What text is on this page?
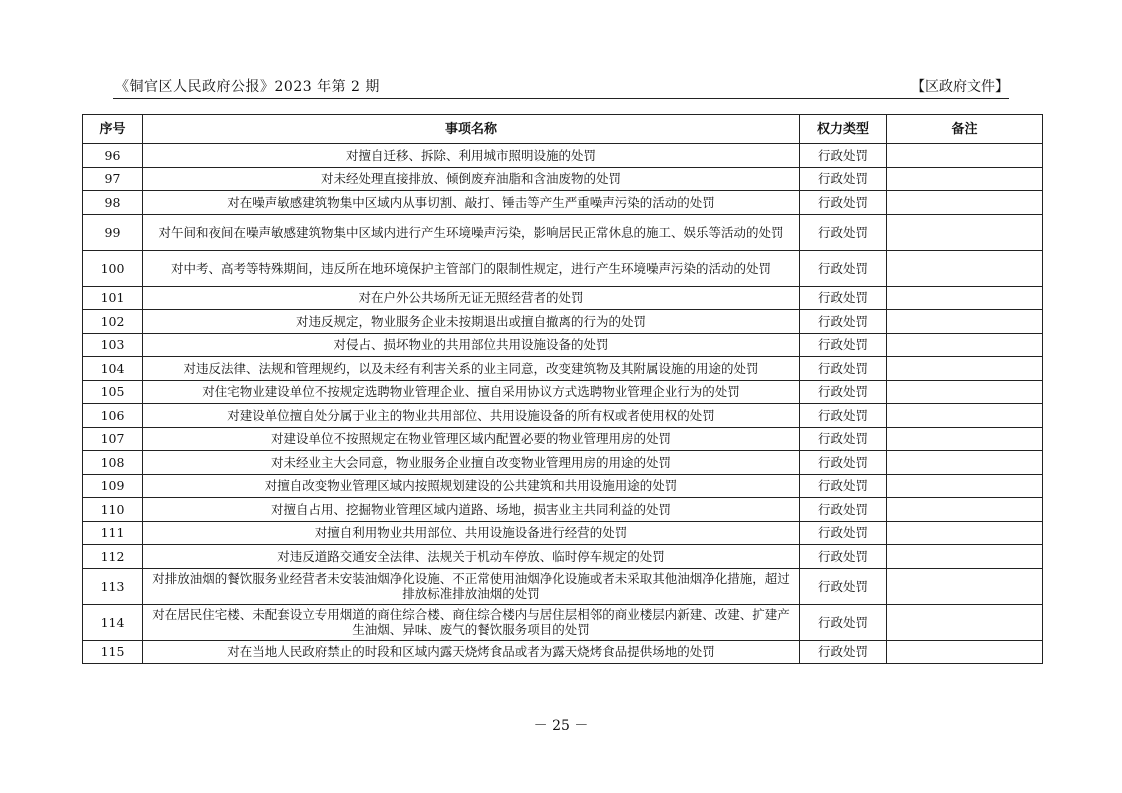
《铜官区人民政府公报》2023 年第 2 期	【区政府文件】
序号	事项名称	权力类型	备注
96	对擅自迁移、拆除、利用城市照明设施的处罚	行政处罚	
97	对未经处理直接排放、倾倒废弃油脂和含油废物的处罚	行政处罚	
98	对在噪声敏感建筑物集中区域内从事切割、敲打、锤击等产生严重噪声污染的活动的处罚	行政处罚	
99	对午间和夜间在噪声敏感建筑物集中区域内进行产生环境噪声污染，影响居民正常休息的施工、娱乐等活动的处罚	行政处罚	
100	对中考、高考等特殊期间，违反所在地环境保护主管部门的限制性规定，进行产生环境噪声污染的活动的处罚	行政处罚	
101	对在户外公共场所无证无照经营者的处罚	行政处罚	
102	对违反规定，物业服务企业未按期退出或擅自撤离的行为的处罚	行政处罚	
103	对侵占、损坏物业的共用部位共用设施设备的处罚	行政处罚	
104	对违反法律、法规和管理规约，以及未经有利害关系的业主同意，改变建筑物及其附属设施的用途的处罚	行政处罚	
105	对住宅物业建设单位不按规定选聘物业管理企业、擅自采用协议方式选聘物业管理企业行为的处罚	行政处罚	
106	对建设单位擅自处分属于业主的物业共用部位、共用设施设备的所有权或者使用权的处罚	行政处罚	
107	对建设单位不按照规定在物业管理区域内配置必要的物业管理用房的处罚	行政处罚	
108	对未经业主大会同意，物业服务企业擅自改变物业管理用房的用途的处罚	行政处罚	
109	对擅自改变物业管理区域内按照规划建设的公共建筑和共用设施用途的处罚	行政处罚	
110	对擅自占用、挖掘物业管理区域内道路、场地，损害业主共同利益的处罚	行政处罚	
111	对擅自利用物业共用部位、共用设施设备进行经营的处罚	行政处罚	
112	对违反道路交通安全法律、法规关于机动车停放、临时停车规定的处罚	行政处罚	
113	对排放油烟的餐饮服务业经营者未安装油烟净化设施、不正常使用油烟净化设施或者未采取其他油烟净化措施，超过排放标准排放油烟的处罚	行政处罚	
114	对在居民住宅楼、未配套设立专用烟道的商住综合楼、商住综合楼内与居住层相邻的商业楼层内新建、改建、扩建产生油烟、异味、废气的餐饮服务项目的处罚	行政处罚	
115	对在当地人民政府禁止的时段和区域内露天烧烤食品或者为露天烧烤食品提供场地的处罚	行政处罚	
－ 25 －
